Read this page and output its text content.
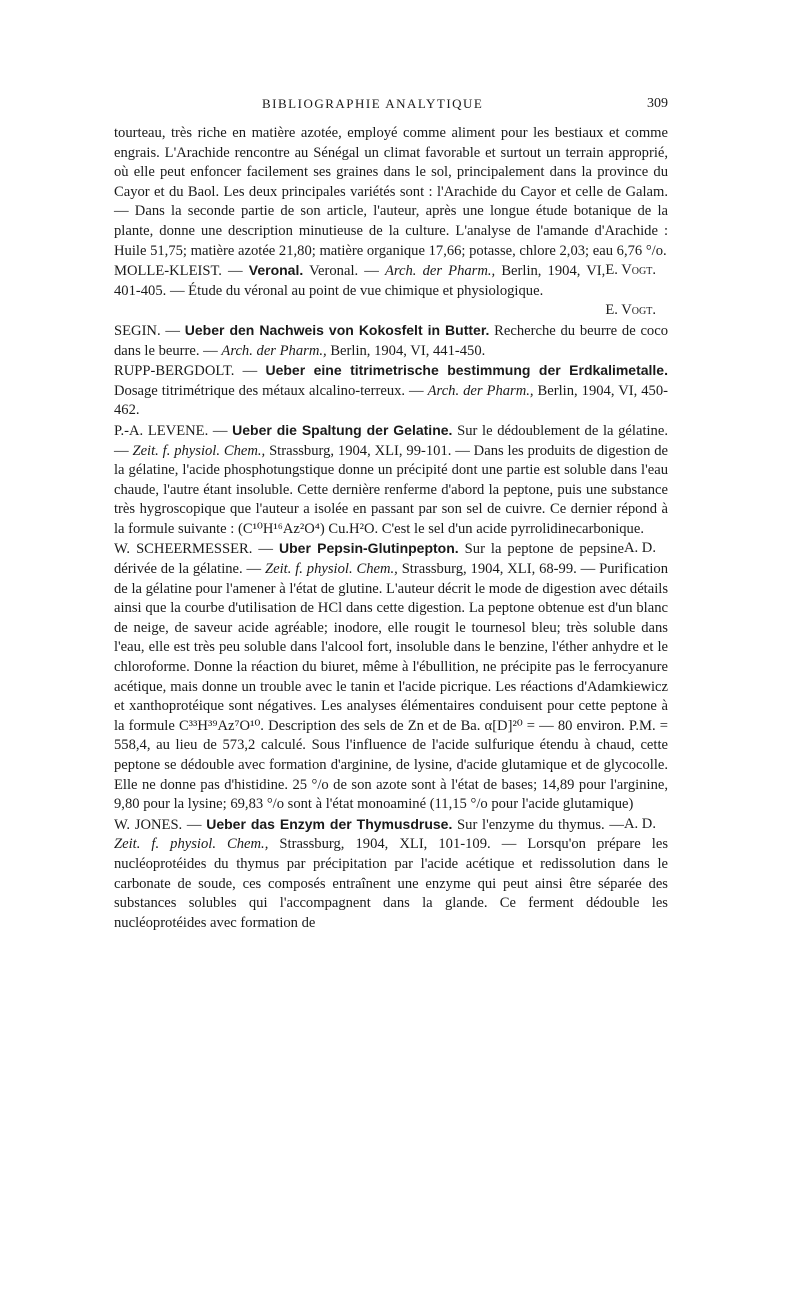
BIBLIOGRAPHIE ANALYTIQUE	309

tourteau, très riche en matière azotée, employé comme aliment pour les bestiaux et comme engrais. L'Arachide rencontre au Sénégal un climat favorable et surtout un terrain approprié, où elle peut enfoncer facilement ses graines dans le sol, principalement dans la province du Cayor et du Baol. Les deux principales variétés sont : l'Arachide du Cayor et celle de Galam. — Dans la seconde partie de son article, l'auteur, après une longue étude botanique de la plante, donne une description minutieuse de la culture. L'analyse de l'amande d'Arachide : Huile 51,75; matière azotée 21,80; matière organique 17,66; potasse, chlore 2,03; eau 6,76 °/o.
E. Vogt.

MOLLE-KLEIST. — Veronal. Veronal. — Arch. der Pharm., Berlin, 1904, VI, 401-405. — Étude du véronal au point de vue chimique et physiologique.
E. Vogt.

SEGIN. — Ueber den Nachweis von Kokosfelt in Butter. Recherche du beurre de coco dans le beurre. — Arch. der Pharm., Berlin, 1904, VI, 441-450.

RUPP-BERGDOLT. — Ueber eine titrimetrische bestimmung der Erdkalimetalle. Dosage titrimétrique des métaux alcalino-terreux. — Arch. der Pharm., Berlin, 1904, VI, 450-462.

P.-A. LEVENE. — Ueber die Spaltung der Gelatine. Sur le dédoublement de la gélatine. — Zeit. f. physiol. Chem., Strassburg, 1904, XLI, 99-101. — Dans les produits de digestion de la gélatine, l'acide phosphotungstique donne un précipité dont une partie est soluble dans l'eau chaude, l'autre étant insoluble. Cette dernière renferme d'abord la peptone, puis une substance très hygroscopique que l'auteur a isolée en passant par son sel de cuivre. Ce dernier répond à la formule suivante : (C¹⁰H¹⁶Az²O⁴) Cu.H²O. C'est le sel d'un acide pyrrolidinecarbonique.
A. D.

W. SCHEERMESSER. — Uber Pepsin-Glutinpepton. Sur la peptone de pepsine dérivée de la gélatine. — Zeit. f. physiol. Chem., Strassburg, 1904, XLI, 68-99. — Purification de la gélatine pour l'amener à l'état de glutine. L'auteur décrit le mode de digestion avec détails ainsi que la courbe d'utilisation de HCl dans cette digestion. La peptone obtenue est d'un blanc de neige, de saveur acide agréable; inodore, elle rougit le tournesol bleu; très soluble dans l'eau, elle est très peu soluble dans l'alcool fort, insoluble dans le benzine, l'éther anhydre et le chloroforme. Donne la réaction du biuret, même à l'ébullition, ne précipite pas le ferrocyanure acétique, mais donne un trouble avec le tanin et l'acide picrique. Les réactions d'Adamkiewicz et xanthoprotéique sont négatives. Les analyses élémentaires conduisent pour cette peptone à la formule C³³H³⁹Az⁷O¹⁰. Description des sels de Zn et de Ba. α[D]²⁰ = — 80 environ. P.M. = 558,4, au lieu de 573,2 calculé. Sous l'influence de l'acide sulfurique étendu à chaud, cette peptone se dédouble avec formation d'arginine, de lysine, d'acide glutamique et de glycocolle. Elle ne donne pas d'histidine. 25 °/o de son azote sont à l'état de bases; 14,89 pour l'arginine, 9,80 pour la lysine; 69,83 °/o sont à l'état monoaminé (11,15 °/o pour l'acide glutamique)
A. D.

W. JONES. — Ueber das Enzym der Thymusdruse. Sur l'enzyme du thymus. — Zeit. f. physiol. Chem., Strassburg, 1904, XLI, 101-109. — Lorsqu'on prépare les nucléoprotéides du thymus par précipitation par l'acide acétique et redissolution dans le carbonate de soude, ces composés entraînent une enzyme qui peut ainsi être séparée des substances solubles qui l'accompagnent dans la glande. Ce ferment dédouble les nucléoprotéides avec formation de
